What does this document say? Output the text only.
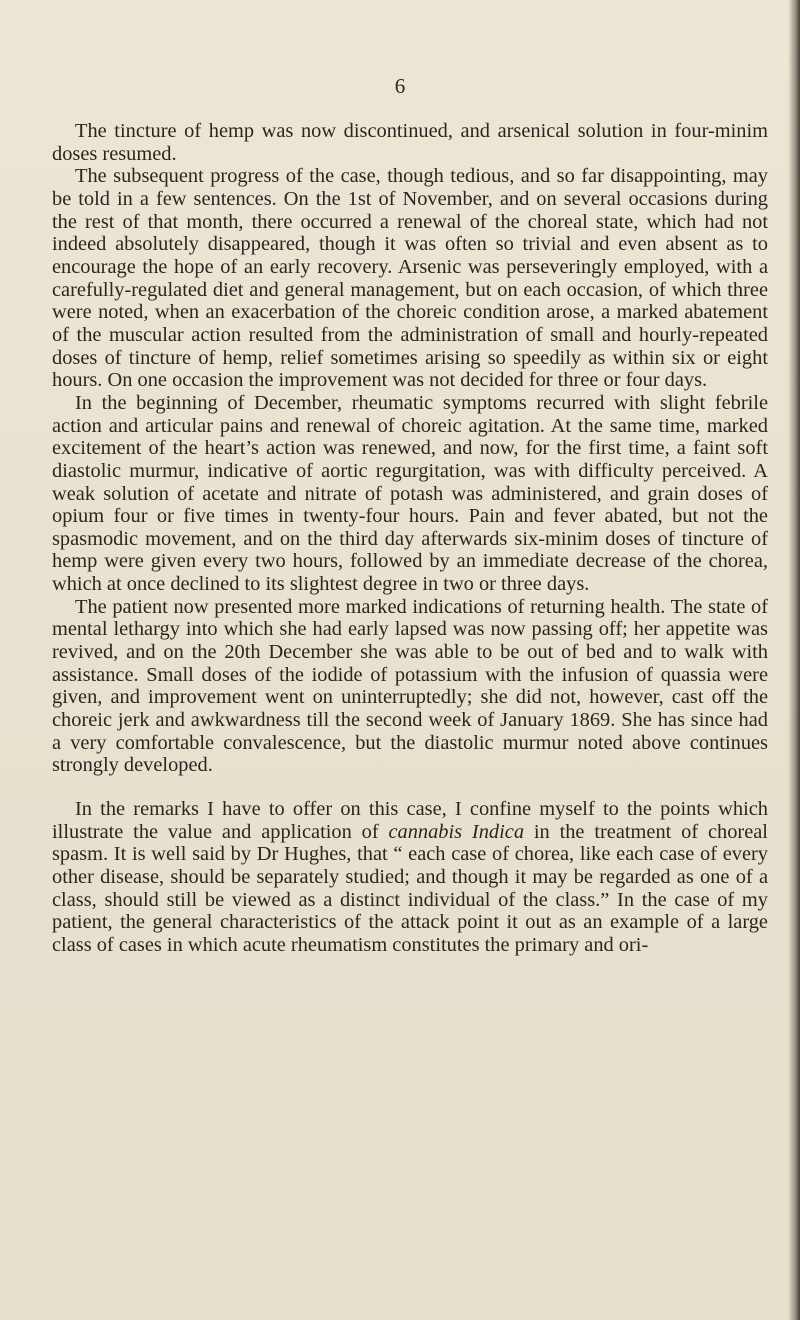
6

The tincture of hemp was now discontinued, and arsenical solution in four-minim doses resumed.

The subsequent progress of the case, though tedious, and so far disappointing, may be told in a few sentences. On the 1st of November, and on several occasions during the rest of that month, there occurred a renewal of the choreal state, which had not indeed absolutely disappeared, though it was often so trivial and even absent as to encourage the hope of an early recovery. Arsenic was perseveringly employed, with a carefully-regulated diet and general management, but on each occasion, of which three were noted, when an exacerbation of the choreic condition arose, a marked abatement of the muscular action resulted from the administration of small and hourly-repeated doses of tincture of hemp, relief sometimes arising so speedily as within six or eight hours. On one occasion the improvement was not decided for three or four days.

In the beginning of December, rheumatic symptoms recurred with slight febrile action and articular pains and renewal of choreic agitation. At the same time, marked excitement of the heart’s action was renewed, and now, for the first time, a faint soft diastolic murmur, indicative of aortic regurgitation, was with difficulty perceived. A weak solution of acetate and nitrate of potash was administered, and grain doses of opium four or five times in twenty-four hours. Pain and fever abated, but not the spasmodic movement, and on the third day afterwards six-minim doses of tincture of hemp were given every two hours, followed by an immediate decrease of the chorea, which at once declined to its slightest degree in two or three days.

The patient now presented more marked indications of returning health. The state of mental lethargy into which she had early lapsed was now passing off; her appetite was revived, and on the 20th December she was able to be out of bed and to walk with assistance. Small doses of the iodide of potassium with the infusion of quassia were given, and improvement went on uninterruptedly; she did not, however, cast off the choreic jerk and awkwardness till the second week of January 1869. She has since had a very comfortable convalescence, but the diastolic murmur noted above continues strongly developed.

In the remarks I have to offer on this case, I confine myself to the points which illustrate the value and application of cannabis Indica in the treatment of choreal spasm. It is well said by Dr Hughes, that “ each case of chorea, like each case of every other disease, should be separately studied; and though it may be regarded as one of a class, should still be viewed as a distinct individual of the class.” In the case of my patient, the general characteristics of the attack point it out as an example of a large class of cases in which acute rheumatism constitutes the primary and ori-
